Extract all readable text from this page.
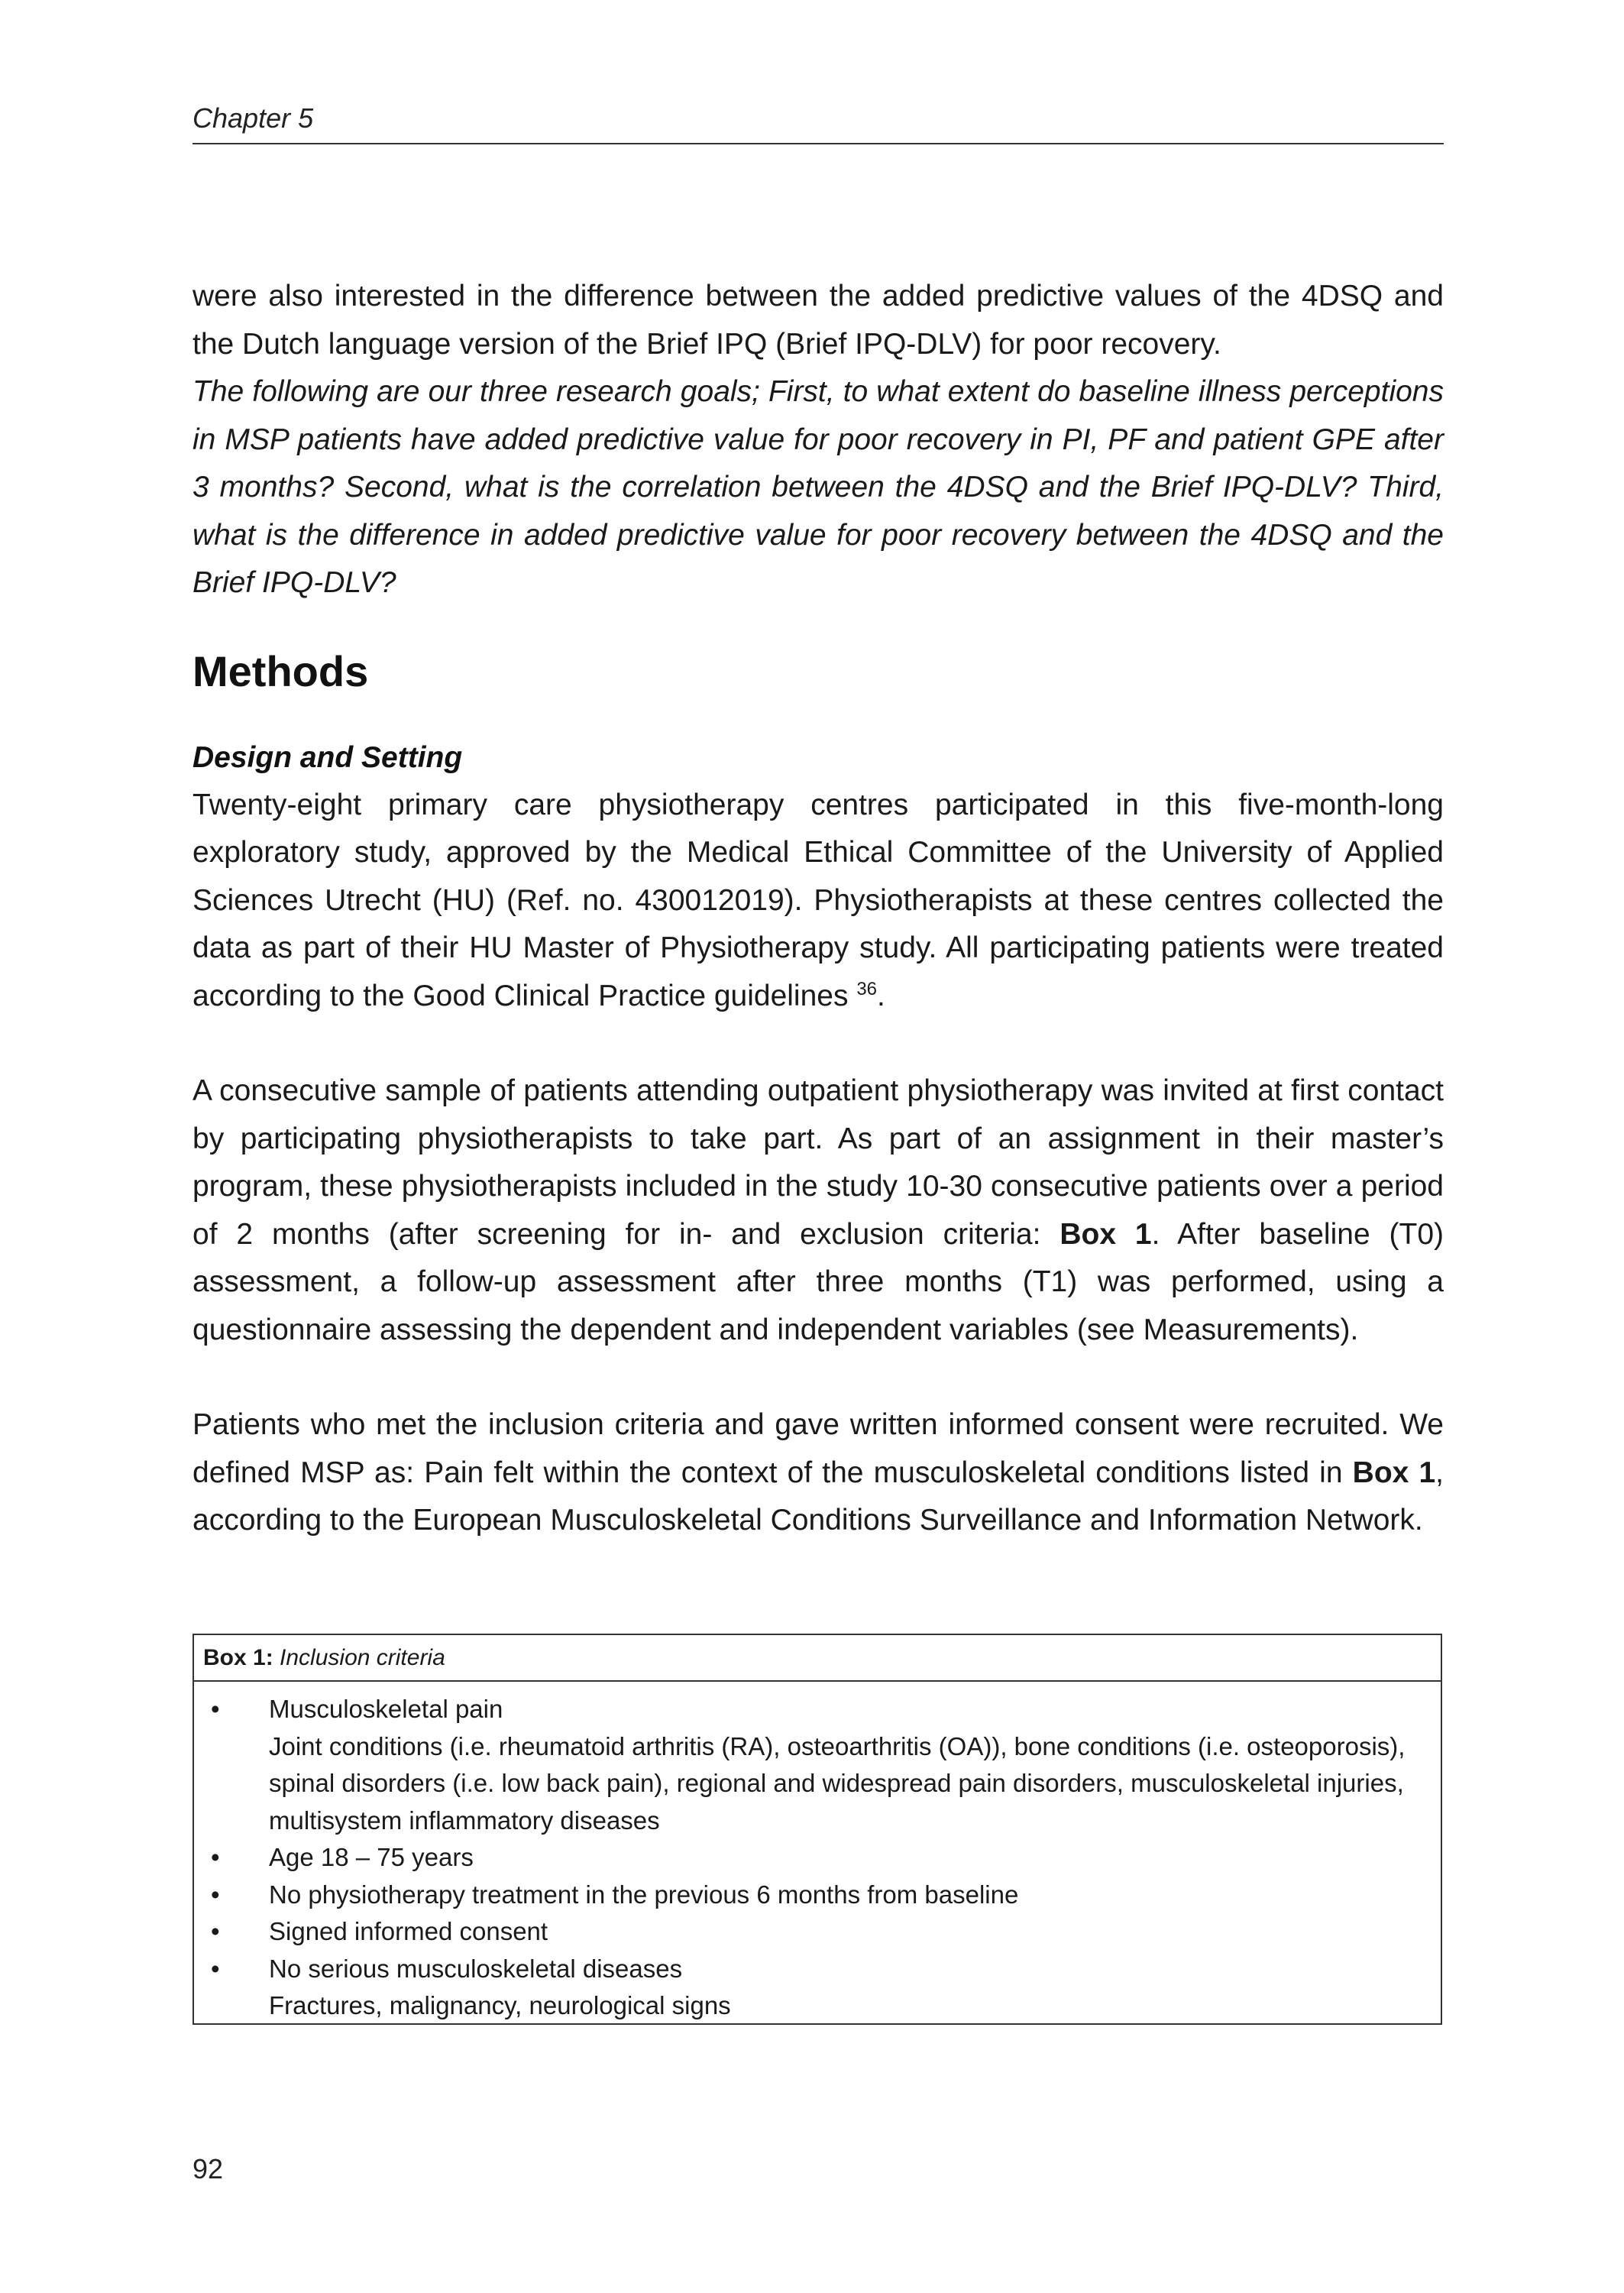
Chapter 5

were also interested in the difference between the added predictive values of the 4DSQ and the Dutch language version of the Brief IPQ (Brief IPQ-DLV) for poor recovery.

The following are our three research goals; First, to what extent do baseline illness perceptions in MSP patients have added predictive value for poor recovery in PI, PF and patient GPE after 3 months? Second, what is the correlation between the 4DSQ and the Brief IPQ-DLV? Third, what is the difference in added predictive value for poor recovery between the 4DSQ and the Brief IPQ-DLV?

Methods
Design and Setting

Twenty-eight primary care physiotherapy centres participated in this five-month-long exploratory study, approved by the Medical Ethical Committee of the University of Applied Sciences Utrecht (HU) (Ref. no. 430012019). Physiotherapists at these centres collected the data as part of their HU Master of Physiotherapy study. All participating patients were treated according to the Good Clinical Practice guidelines $^{36}$.

A consecutive sample of patients attending outpatient physiotherapy was invited at first contact by participating physiotherapists to take part. As part of an assignment in their master’s program, these physiotherapists included in the study 10-30 consecutive patients over a period of 2 months (after screening for in- and exclusion criteria: Box 1. After baseline (T0) assessment, a follow-up assessment after three months (T1) was performed, using a questionnaire assessing the dependent and independent variables (see Measurements).

Patients who met the inclusion criteria and gave written informed consent were recruited. We defined MSP as: Pain felt within the context of the musculoskeletal conditions listed in Box 1, according to the European Musculoskeletal Conditions Surveillance and Information Network.

Box 1: Inclusion criteria
• Musculoskeletal pain
Joint conditions (i.e. rheumatoid arthritis (RA), osteoarthritis (OA)), bone conditions (i.e. osteoporosis), spinal disorders (i.e. low back pain), regional and widespread pain disorders, musculoskeletal injuries, multisystem inflammatory diseases
• Age 18 – 75 years
• No physiotherapy treatment in the previous 6 months from baseline
• Signed informed consent
• No serious musculoskeletal diseases
Fractures, malignancy, neurological signs
92
